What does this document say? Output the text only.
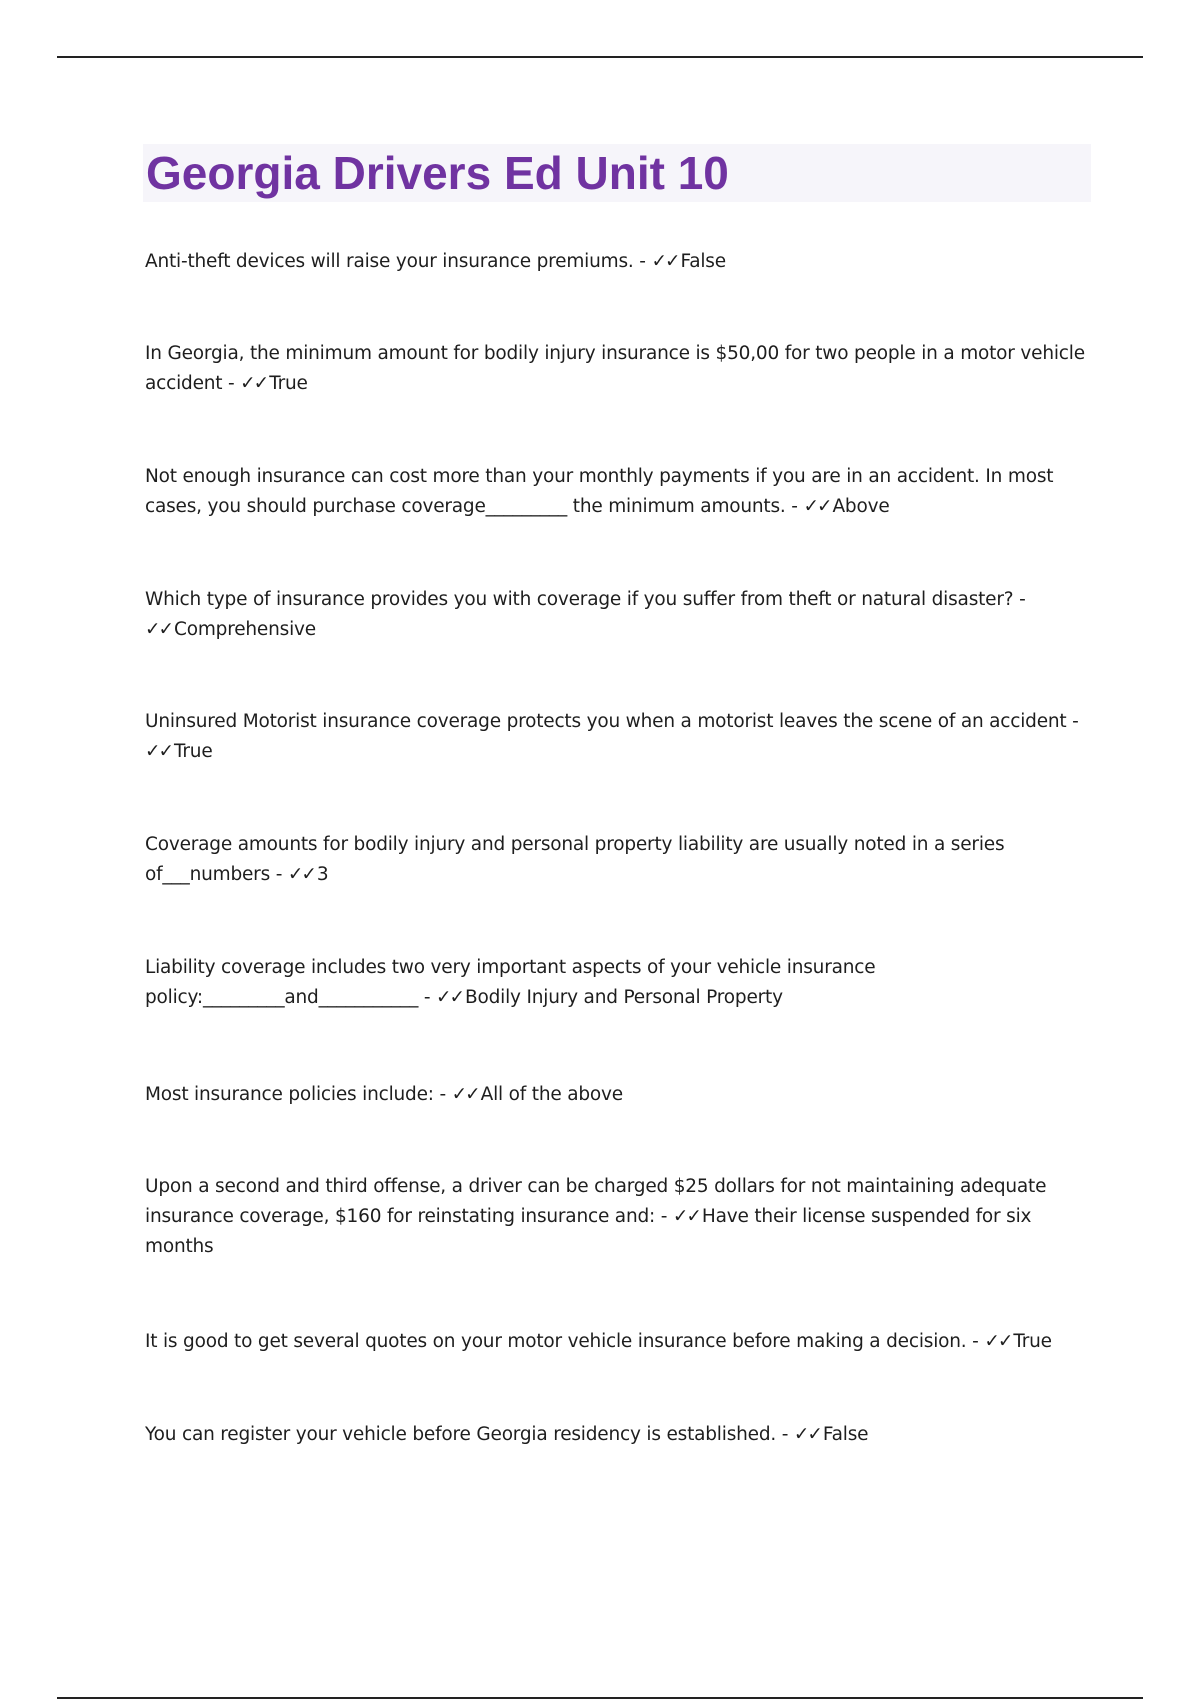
Georgia Drivers Ed Unit 10

Anti-theft devices will raise your insurance premiums. - ✓✓ False

In Georgia, the minimum amount for bodily injury insurance is $50,00 for two people in a motor vehicle accident - ✓✓ True

Not enough insurance can cost more than your monthly payments if you are in an accident. In most cases, you should purchase coverage_________ the minimum amounts. - ✓✓ Above

Which type of insurance provides you with coverage if you suffer from theft or natural disaster? - ✓✓ Comprehensive

Uninsured Motorist insurance coverage protects you when a motorist leaves the scene of an accident - ✓✓ True

Coverage amounts for bodily injury and personal property liability are usually noted in a series of___numbers - ✓✓ 3

Liability coverage includes two very important aspects of your vehicle insurance policy:_________and___________ - ✓✓ Bodily Injury and Personal Property

Most insurance policies include: - ✓✓ All of the above

Upon a second and third offense, a driver can be charged $25 dollars for not maintaining adequate insurance coverage, $160 for reinstating insurance and: - ✓✓ Have their license suspended for six months

It is good to get several quotes on your motor vehicle insurance before making a decision. - ✓✓ True

You can register your vehicle before Georgia residency is established. - ✓✓ False
